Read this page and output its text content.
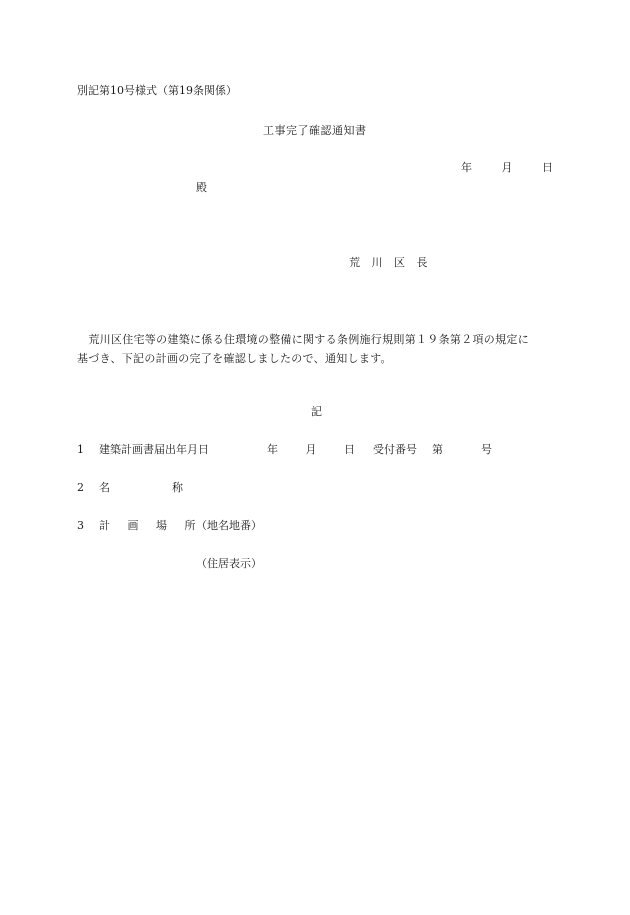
別記第10号様式（第19条関係）
工事完了確認通知書
年	月	日
殿
荒 川 区 長
　荒川区住宅等の建築に係る住環境の整備に関する条例施行規則第１９条第２項の規定に
基づき、下記の計画の完了を確認しましたので、通知します。
記
1 建築計画書届出年月日	年	月	日 受付番号 第	号
2 名	称
3 計 画 場 所
（地名地番）
（住居表示）
